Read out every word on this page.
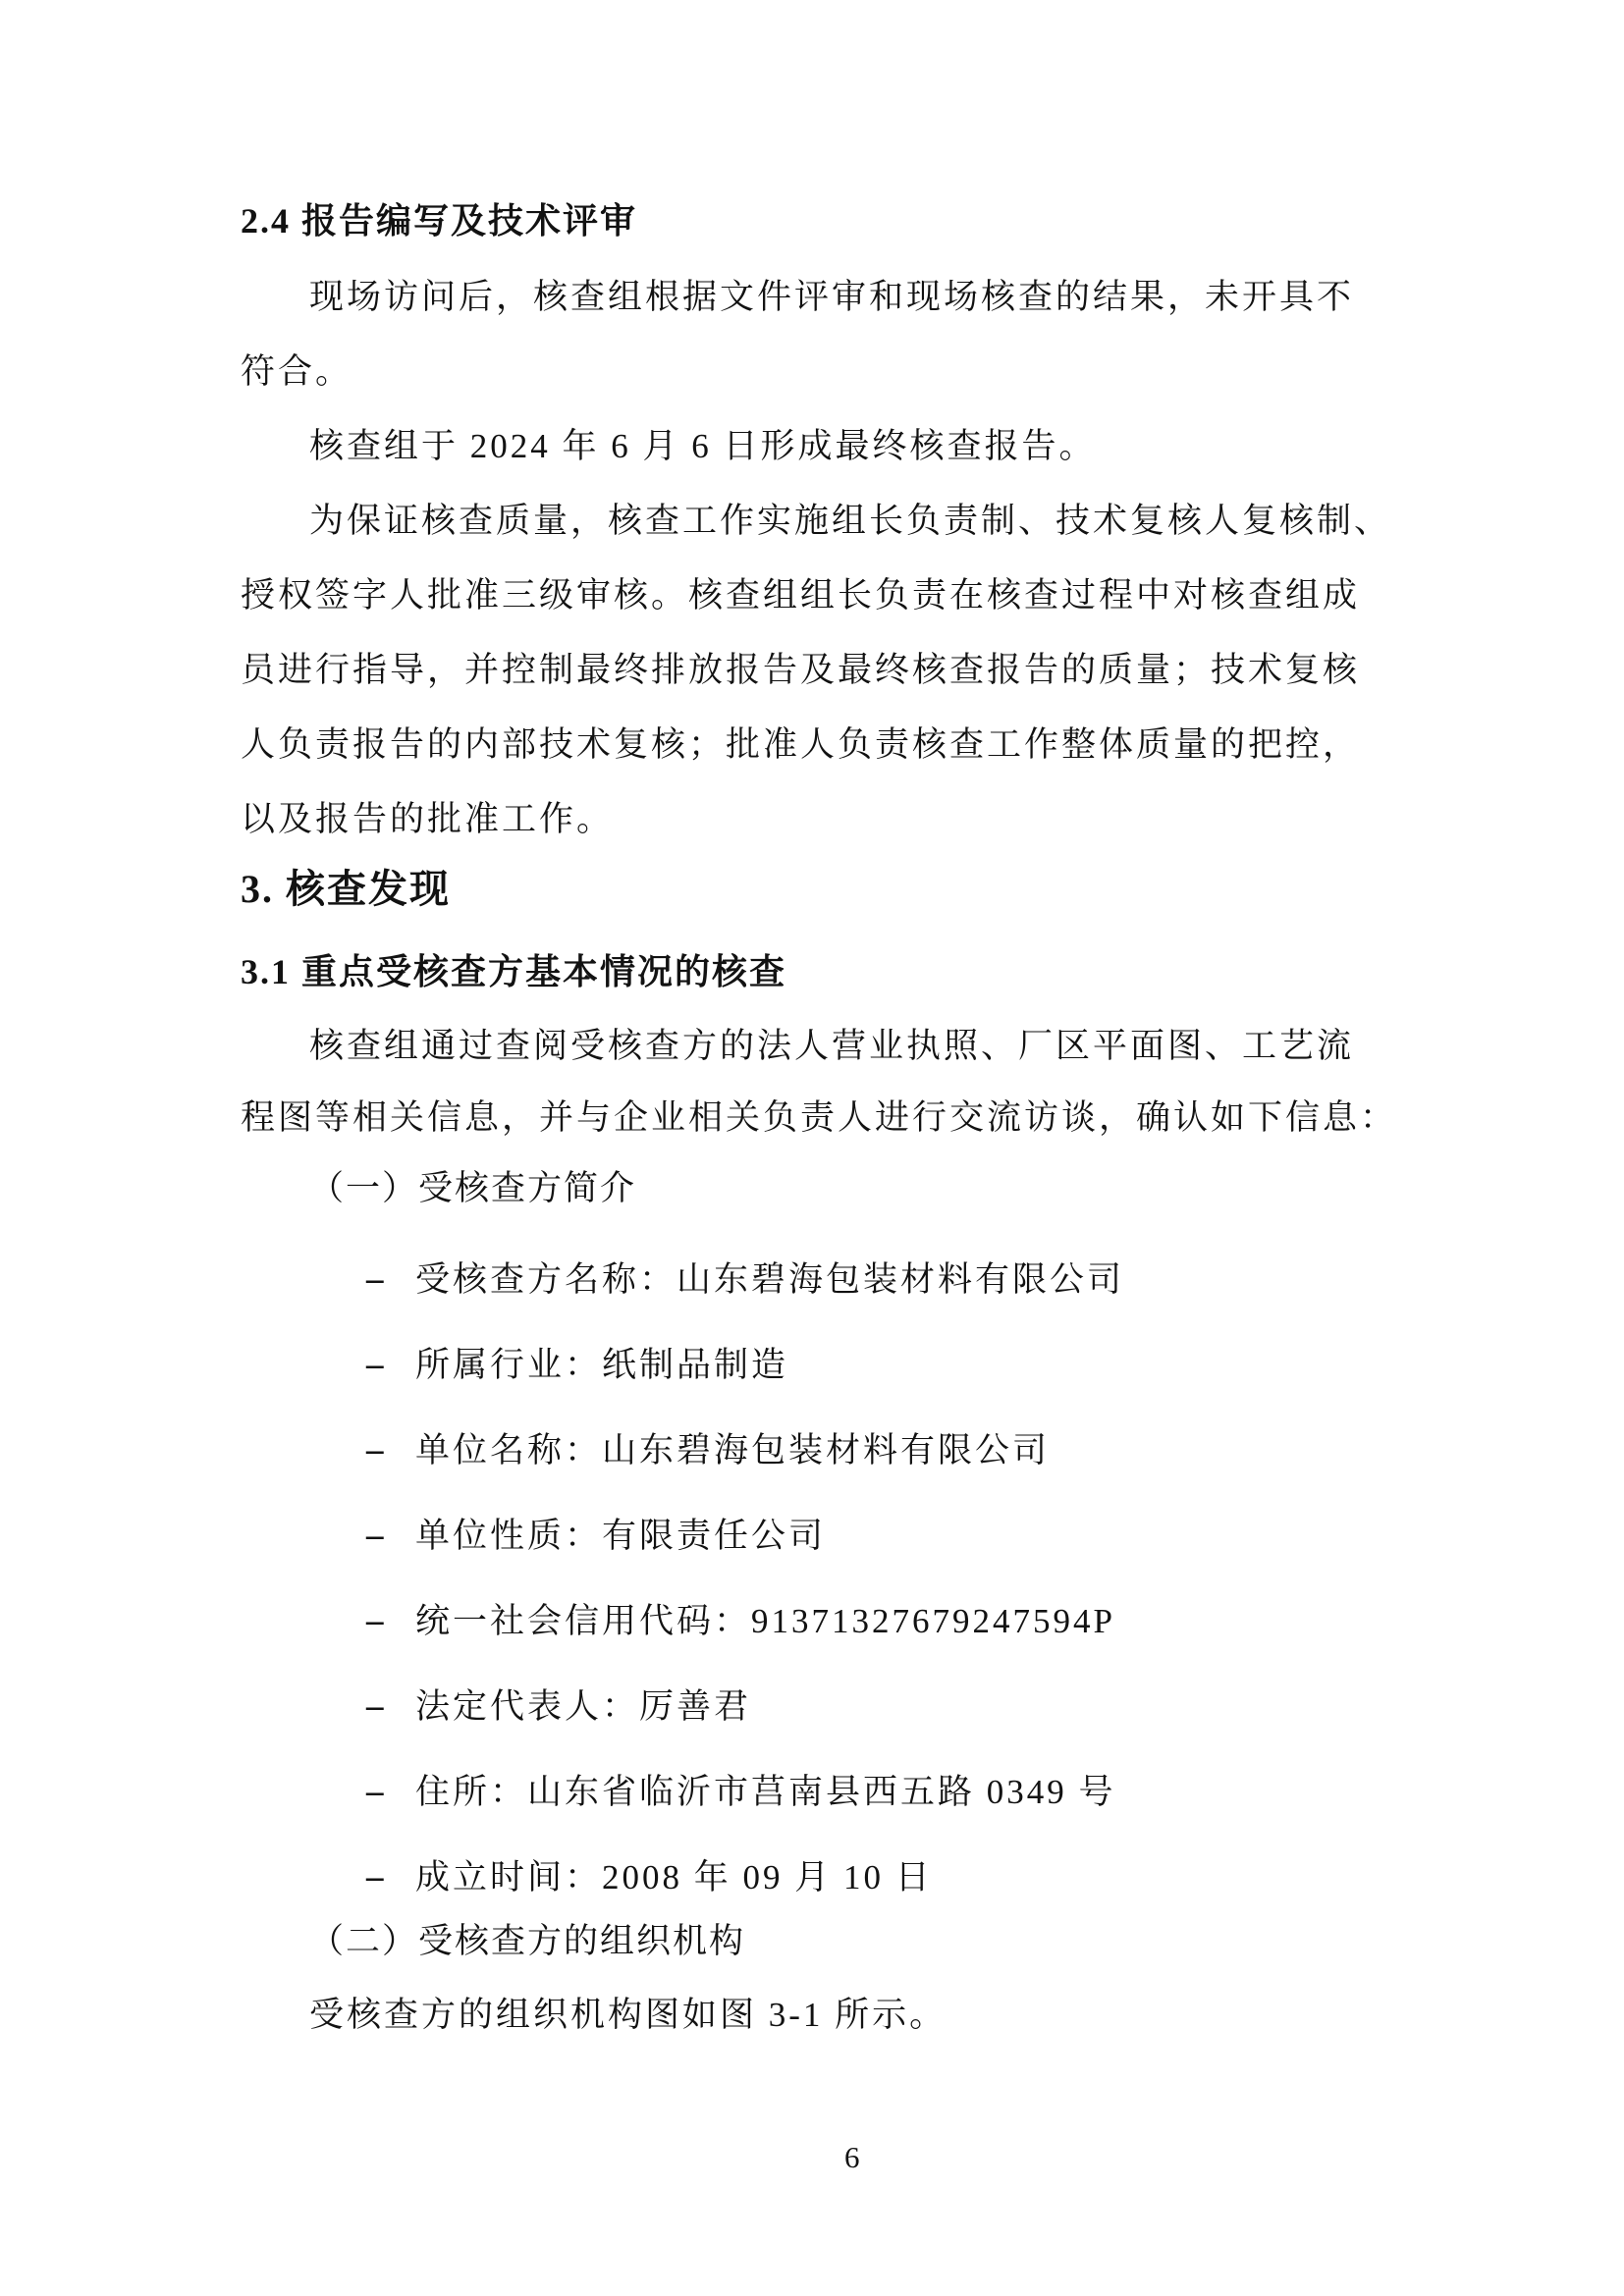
2.4 报告编写及技术评审
现场访问后，核查组根据文件评审和现场核查的结果，未开具不
符合。
核查组于 2024 年 6 月 6 日形成最终核查报告。
为保证核查质量，核查工作实施组长负责制、技术复核人复核制、
授权签字人批准三级审核。核查组组长负责在核查过程中对核查组成
员进行指导，并控制最终排放报告及最终核查报告的质量；技术复核
人负责报告的内部技术复核；批准人负责核查工作整体质量的把控，
以及报告的批准工作。
3. 核查发现
3.1 重点受核查方基本情况的核查
核查组通过查阅受核查方的法人营业执照、厂区平面图、工艺流
程图等相关信息，并与企业相关负责人进行交流访谈，确认如下信息：
（一）受核查方简介
– 受核查方名称：山东碧海包装材料有限公司
– 所属行业：纸制品制造
– 单位名称：山东碧海包装材料有限公司
– 单位性质：有限责任公司
– 统一社会信用代码：91371327679247594P
– 法定代表人：厉善君
– 住所：山东省临沂市莒南县西五路 0349 号
– 成立时间：2008 年 09 月 10 日
（二）受核查方的组织机构
受核查方的组织机构图如图 3-1 所示。
6
